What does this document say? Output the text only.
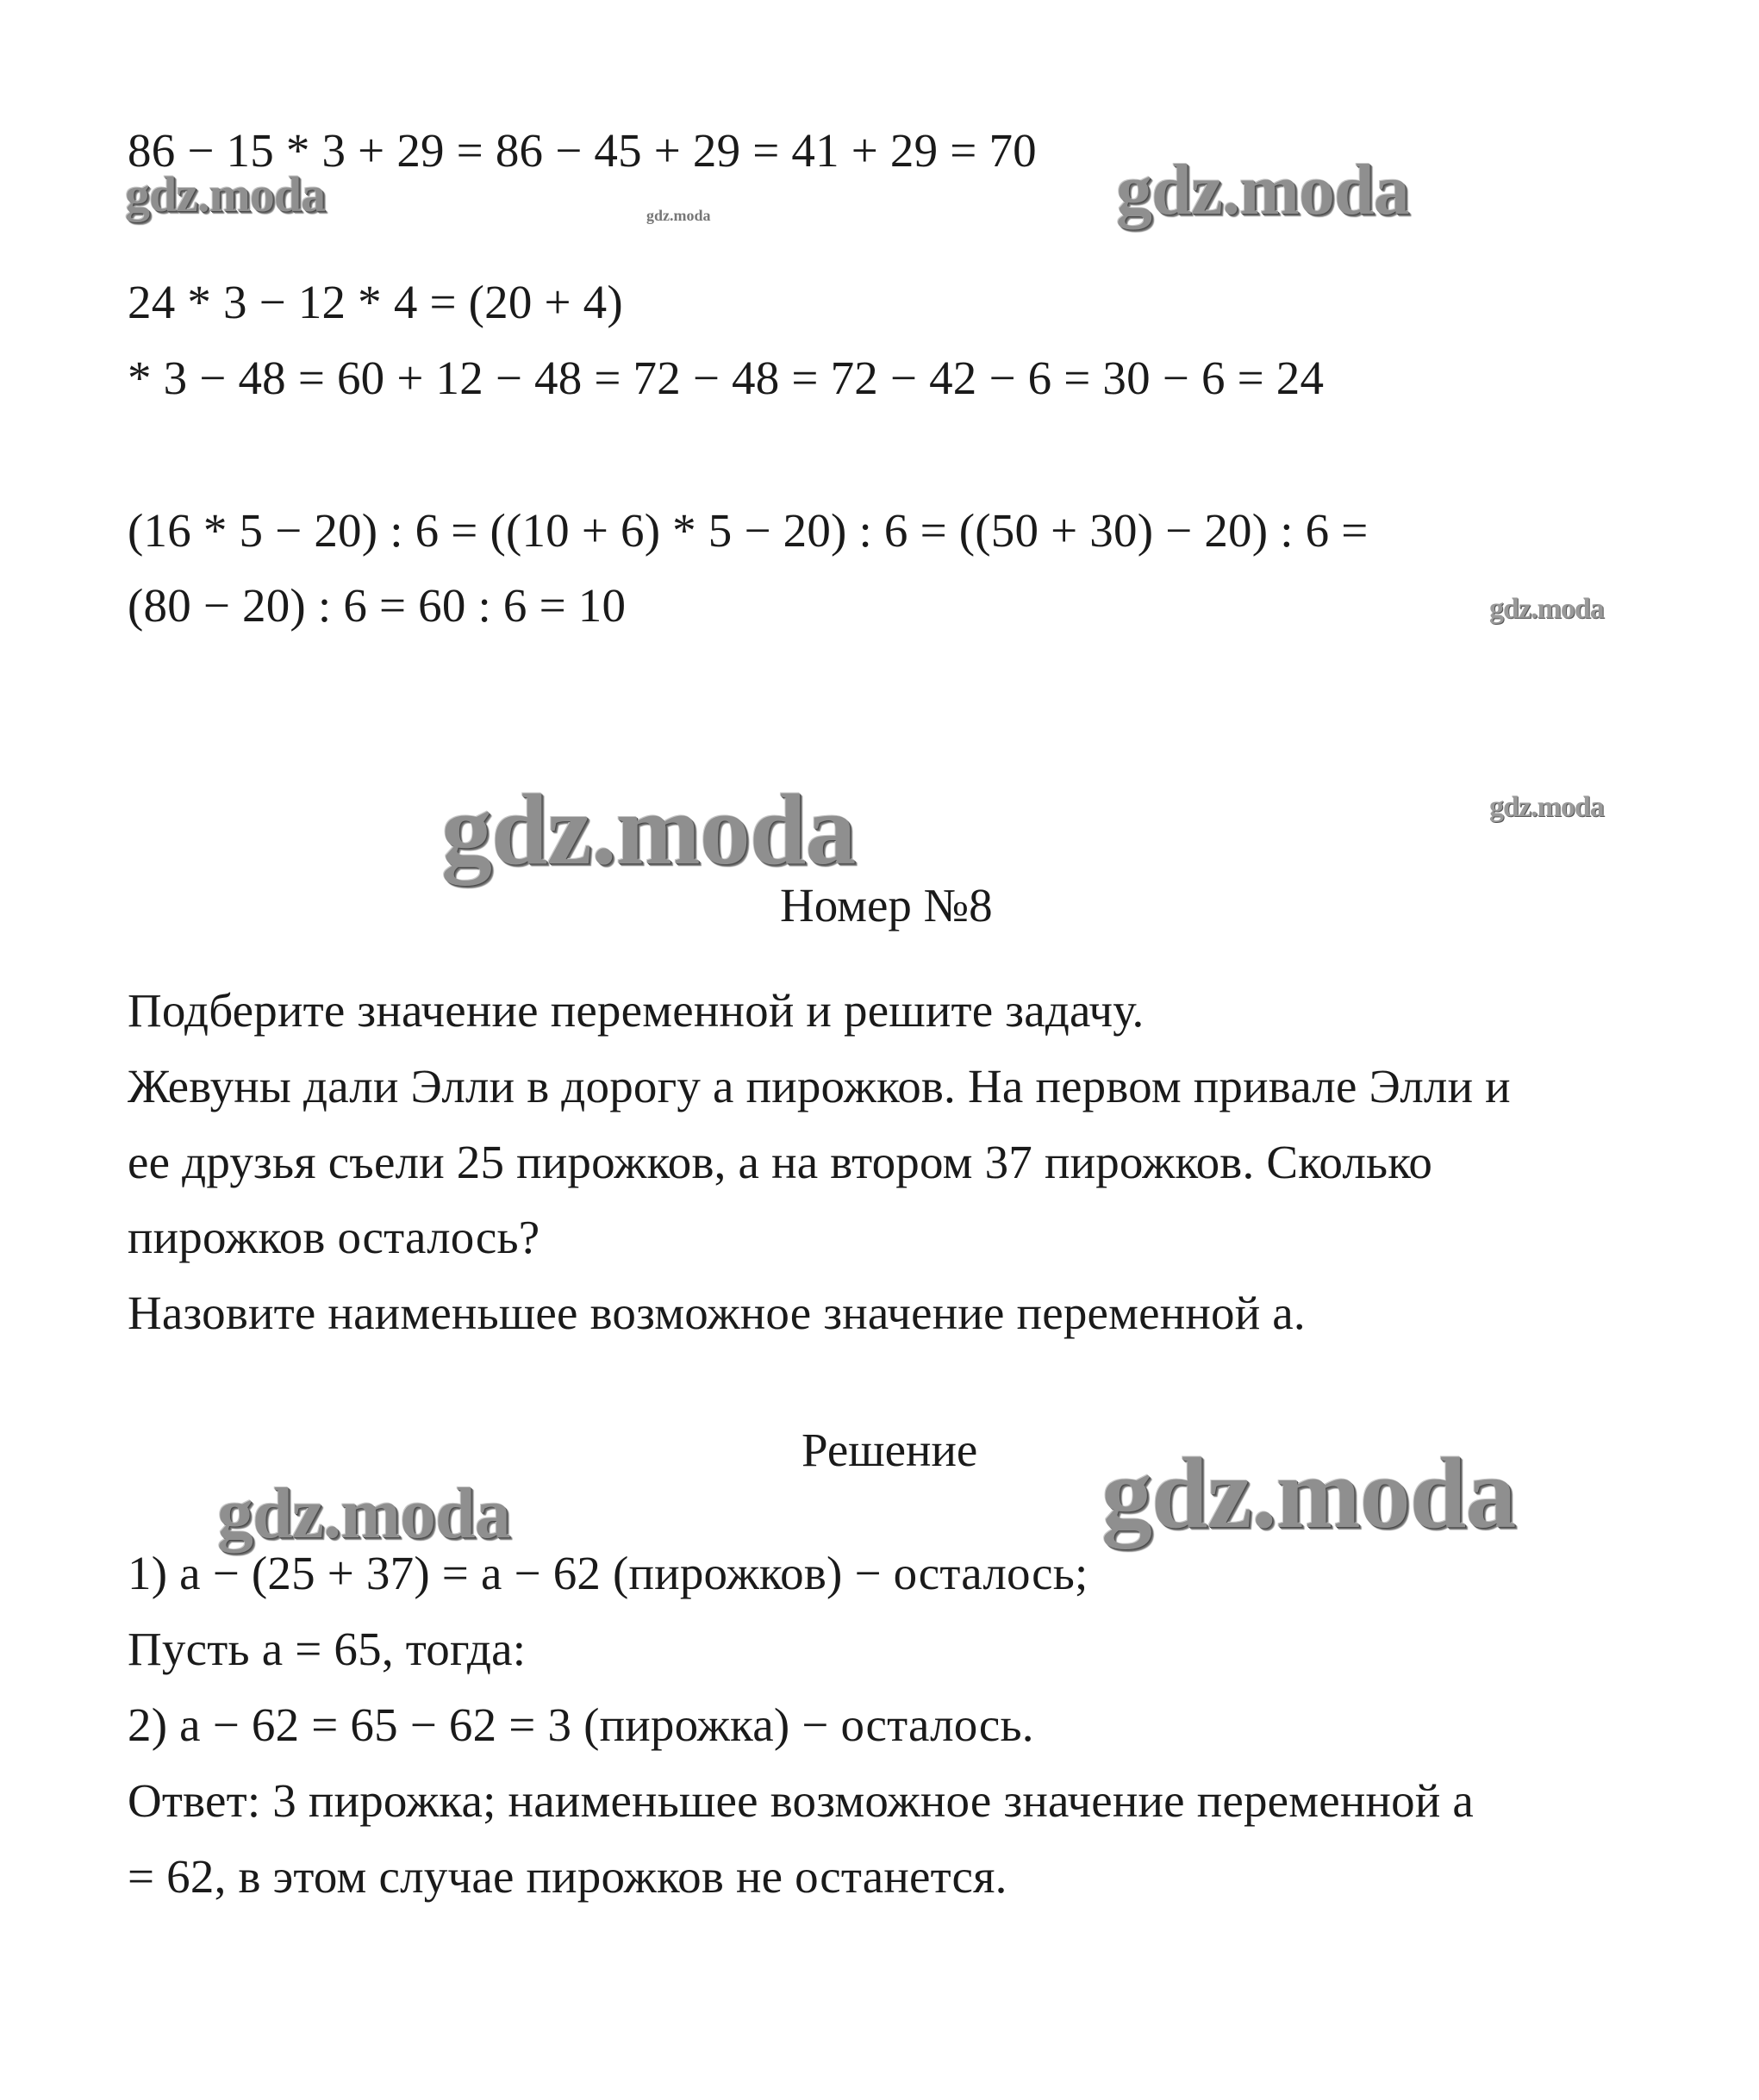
gdz.moda	gdz.moda	gdz.moda
gdz.moda
gdz.moda	gdz.moda
gdz.moda
gdz.moda
86 − 15 * 3 + 29 = 86 − 45 + 29 = 41 + 29 = 70
24 * 3 − 12 * 4 = (20 + 4)
* 3 − 48 = 60 + 12 − 48 = 72 − 48 = 72 − 42 − 6 = 30 − 6 = 24
(16 * 5 − 20) : 6 = ((10 + 6) * 5 − 20) : 6 = ((50 + 30) − 20) : 6 =
(80 − 20) : 6 = 60 : 6 = 10
Номер №8
Подберите значение переменной и решите задачу.
Жевуны дали Элли в дорогу а пирожков. На первом привале Элли и
ее друзья съели 25 пирожков, а на втором 37 пирожков. Сколько
пирожков осталось?
Назовите наименьшее возможное значение переменной а.
Решение
1) а − (25 + 37) = а − 62 (пирожков) − осталось;
Пусть а = 65, тогда:
2) а − 62 = 65 − 62 = 3 (пирожка) − осталось.
Ответ: 3 пирожка; наименьшее возможное значение переменной а
= 62, в этом случае пирожков не останется.
